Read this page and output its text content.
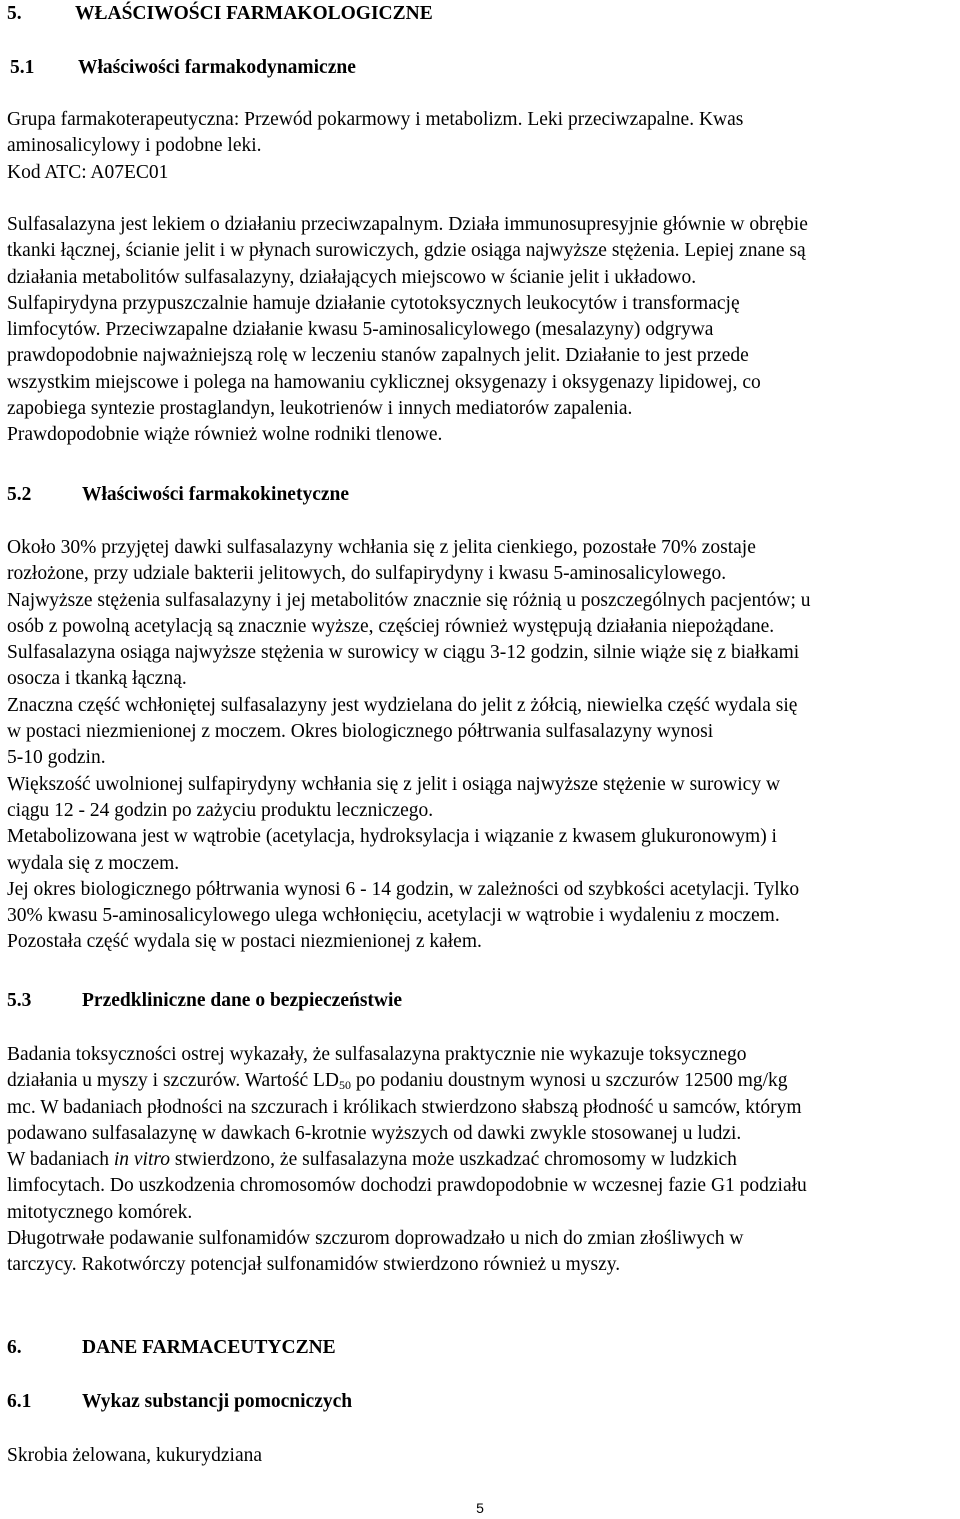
5.	WŁAŚCIWOŚCI FARMAKOLOGICZNE
5.1 Właściwości farmakodynamiczne
Grupa farmakoterapeutyczna: Przewód pokarmowy i metabolizm. Leki przeciwzapalne. Kwas
aminosalicylowy i podobne leki.
Kod ATC: A07EC01
Sulfasalazyna jest lekiem o działaniu przeciwzapalnym. Działa immunosupresyjnie głównie w obrębie
tkanki łącznej, ścianie jelit i w płynach surowiczych, gdzie osiąga najwyższe stężenia. Lepiej znane są
działania metabolitów sulfasalazyny, działających miejscowo w ścianie jelit i układowo.
Sulfapirydyna przypuszczalnie hamuje działanie cytotoksycznych leukocytów i transformację
limfocytów. Przeciwzapalne działanie kwasu 5-aminosalicylowego (mesalazyny) odgrywa
prawdopodobnie najważniejszą rolę w leczeniu stanów zapalnych jelit. Działanie to jest przede
wszystkim miejscowe i polega na hamowaniu cyklicznej oksygenazy i oksygenazy lipidowej, co
zapobiega syntezie prostaglandyn, leukotrienów i innych mediatorów zapalenia.
Prawdopodobnie wiąże również wolne rodniki tlenowe.
5.2	Właściwości farmakokinetyczne
Około 30% przyjętej dawki sulfasalazyny wchłania się z jelita cienkiego, pozostałe 70% zostaje
rozłożone, przy udziale bakterii jelitowych, do sulfapirydyny i kwasu 5-aminosalicylowego.
Najwyższe stężenia sulfasalazyny i jej metabolitów znacznie się różnią u poszczególnych pacjentów; u
osób z powolną acetylacją są znacznie wyższe, częściej również występują działania niepożądane.
Sulfasalazyna osiąga najwyższe stężenia w surowicy w ciągu 3-12 godzin, silnie wiąże się z białkami
osocza i tkanką łączną.
Znaczna część wchłoniętej sulfasalazyny jest wydzielana do jelit z żółcią, niewielka część wydala się
w postaci niezmienionej z moczem. Okres biologicznego półtrwania sulfasalazyny wynosi
5-10 godzin.
Większość uwolnionej sulfapirydyny wchłania się z jelit i osiąga najwyższe stężenie w surowicy w
ciągu 12 - 24 godzin po zażyciu produktu leczniczego.
Metabolizowana jest w wątrobie (acetylacja, hydroksylacja i wiązanie z kwasem glukuronowym) i
wydala się z moczem.
Jej okres biologicznego półtrwania wynosi 6 - 14 godzin, w zależności od szybkości acetylacji. Tylko
30% kwasu 5-aminosalicylowego ulega wchłonięciu, acetylacji w wątrobie i wydaleniu z moczem.
Pozostała część wydala się w postaci niezmienionej z kałem.
5.3	Przedkliniczne dane o bezpieczeństwie
Badania toksyczności ostrej wykazały, że sulfasalazyna praktycznie nie wykazuje toksycznego
działania u myszy i szczurów. Wartość $LD_{50}$ po podaniu doustnym wynosi u szczurów 12500 mg/kg
mc. W badaniach płodności na szczurach i królikach stwierdzono słabszą płodność u samców, którym
podawano sulfasalazynę w dawkach 6-krotnie wyższych od dawki zwykle stosowanej u ludzi.
W badaniach in vitro stwierdzono, że sulfasalazyna może uszkadzać chromosomy w ludzkich
limfocytach. Do uszkodzenia chromosomów dochodzi prawdopodobnie w wczesnej fazie G1 podziału
mitotycznego komórek.
Długotrwałe podawanie sulfonamidów szczurom doprowadzało u nich do zmian złośliwych w
tarczycy. Rakotwórczy potencjał sulfonamidów stwierdzono również u myszy.
6.	DANE FARMACEUTYCZNE
6.1	Wykaz substancji pomocniczych
Skrobia żelowana, kukurydziana
5
